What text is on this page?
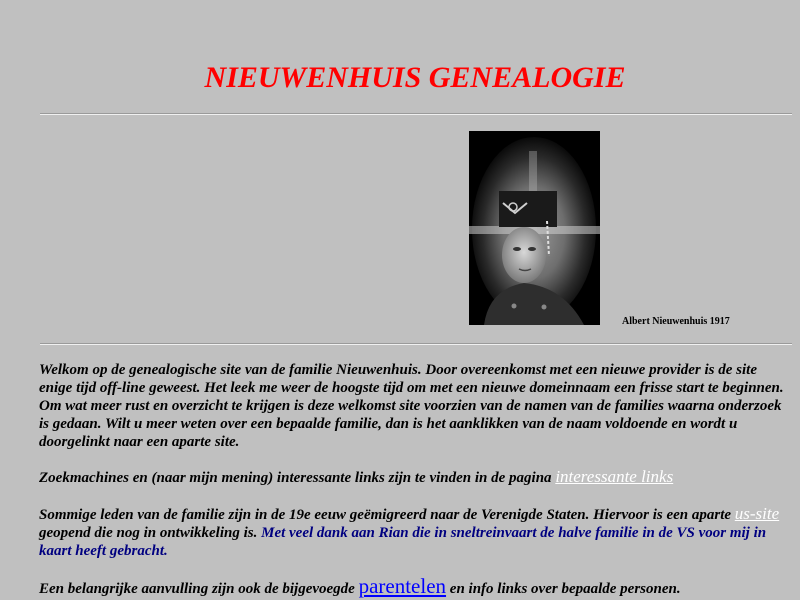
NIEUWENHUIS GENEALOGIE
Albert Nieuwenhuis 1917

Welkom op de genealogische site van de familie Nieuwenhuis. Door overeenkomst met een nieuwe provider is de site enige tijd off-line geweest. Het leek me weer de hoogste tijd om met een nieuwe domeinnaam een frisse start te beginnen. Om wat meer rust en overzicht te krijgen is deze welkomst site voorzien van de namen van de families waarna onderzoek is gedaan. Wilt u meer weten over een bepaalde familie, dan is het aanklikken van de naam voldoende en wordt u doorgelinkt naar een aparte site.

Zoekmachines en (naar mijn mening) interessante links zijn te vinden in de pagina interessante links

Sommige leden van de familie zijn in de 19e eeuw geëmigreerd naar de Verenigde Staten. Hiervoor is een aparte us-site geopend die nog in ontwikkeling is. Met veel dank aan Rian die in sneltreinvaart de halve familie in de VS voor mij in kaart heeft gebracht.

Een belangrijke aanvulling zijn ook de bijgevoegde parentelen en info links over bepaalde personen.
